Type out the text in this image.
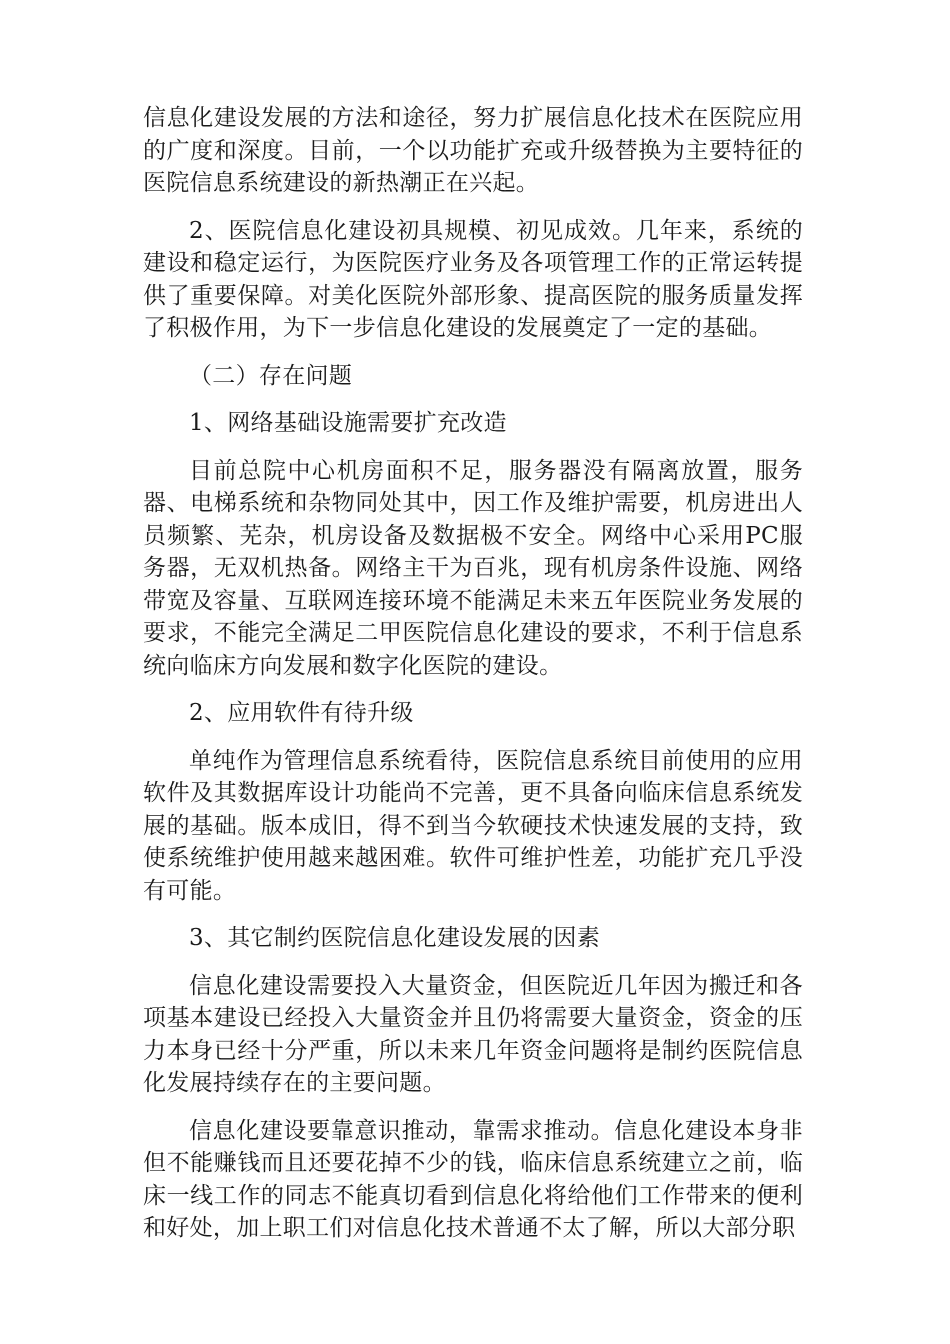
信息化建设发展的方法和途径，努力扩展信息化技术在医院应用的广度和深度。目前，一个以功能扩充或升级替换为主要特征的医院信息系统建设的新热潮正在兴起。

2、医院信息化建设初具规模、初见成效。几年来，系统的建设和稳定运行，为医院医疗业务及各项管理工作的正常运转提供了重要保障。对美化医院外部形象、提高医院的服务质量发挥了积极作用，为下一步信息化建设的发展奠定了一定的基础。

（二）存在问题

1、网络基础设施需要扩充改造

目前总院中心机房面积不足，服务器没有隔离放置，服务器、电梯系统和杂物同处其中，因工作及维护需要，机房进出人员频繁、芜杂，机房设备及数据极不安全。网络中心采用PC服务器，无双机热备。网络主干为百兆，现有机房条件设施、网络带宽及容量、互联网连接环境不能满足未来五年医院业务发展的要求，不能完全满足二甲医院信息化建设的要求，不利于信息系统向临床方向发展和数字化医院的建设。

2、应用软件有待升级

单纯作为管理信息系统看待，医院信息系统目前使用的应用软件及其数据库设计功能尚不完善，更不具备向临床信息系统发展的基础。版本成旧，得不到当今软硬技术快速发展的支持，致使系统维护使用越来越困难。软件可维护性差，功能扩充几乎没有可能。

3、其它制约医院信息化建设发展的因素

信息化建设需要投入大量资金，但医院近几年因为搬迁和各项基本建设已经投入大量资金并且仍将需要大量资金，资金的压力本身已经十分严重，所以未来几年资金问题将是制约医院信息化发展持续存在的主要问题。

信息化建设要靠意识推动，靠需求推动。信息化建设本身非但不能赚钱而且还要花掉不少的钱，临床信息系统建立之前，临床一线工作的同志不能真切看到信息化将给他们工作带来的便利和好处，加上职工们对信息化技术普通不太了解，所以大部分职
